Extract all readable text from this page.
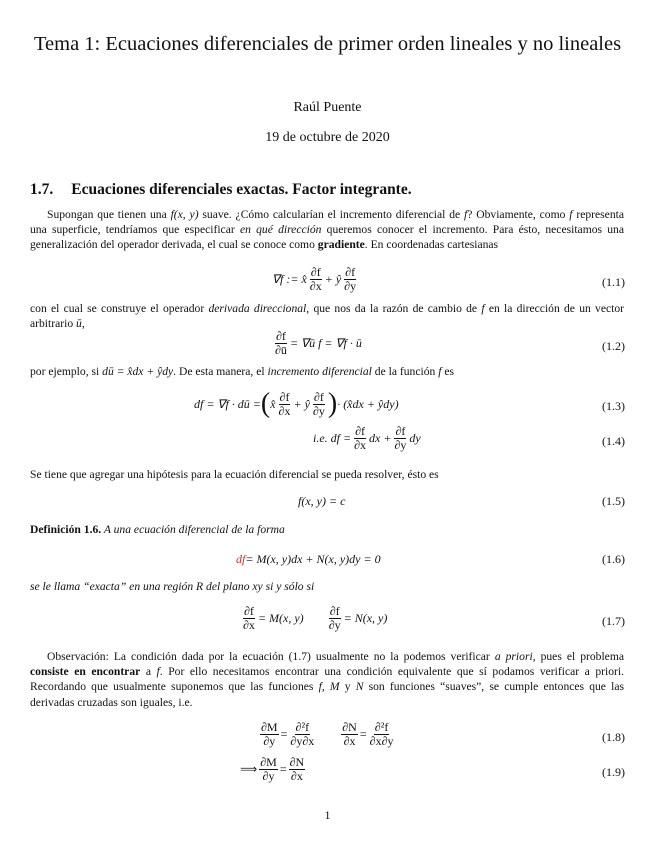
Tema 1: Ecuaciones diferenciales de primer orden lineales y no lineales
Raúl Puente
19 de octubre de 2020
1.7. Ecuaciones diferenciales exactas. Factor integrante.
Supongan que tienen una f(x, y) suave. ¿Cómo calcularían el incremento diferencial de f? Obviamente, como f representa una superficie, tendríamos que especificar en qué dirección queremos conocer el incremento. Para ésto, necesitamos una generalización del operador derivada, el cual se conoce como gradiente. En coordenadas cartesianas
∇f := x̂ $\frac{\partial f}{\partial x}$ + ŷ $\frac{\partial f}{\partial y}$	(1.1)
con el cual se construye el operador derivada direccional, que nos da la razón de cambio de f en la dirección de un vector arbitrario ū,
$\frac{\partial f}{\partial ū}$ = ∇ū f = ∇f · ū	(1.2)
por ejemplo, si dū = x̂dx + ŷdy. De esta manera, el incremento diferencial de la función f es
df = ∇f · dū = ( x̂ $\frac{\partial f}{\partial x}$ + ŷ $\frac{\partial f}{\partial y}$ ) · (x̂dx + ŷdy)	(1.3)
i.e. df = $\frac{\partial f}{\partial x}$ dx + $\frac{\partial f}{\partial y}$ dy	(1.4)
Se tiene que agregar una hipótesis para la ecuación diferencial se pueda resolver, ésto es
f(x, y) = c	(1.5)
Definición 1.6. A una ecuación diferencial de la forma
df = M(x, y)dx + N(x, y)dy = 0	(1.6)
se le llama “exacta” en una región R del plano xy si y sólo si
$\frac{\partial f}{\partial x} = M(x$, $y) \frac{\partial f}{\partial y} = N(x$, y)	(1.7)
Observación: La condición dada por la ecuación (1.7) usualmente no la podemos verificar a priori, pues el problema consiste en encontrar a f. Por ello necesitamos encontrar una condición equivalente que sí podamos verificar a priori. Recordando que usualmente suponemos que las funciones f, M y N son funciones “suaves”, se cumple entonces que las derivadas cruzadas son iguales, i.e.
$\frac{\partial M}{\partial y} = \frac{\text{∂²f}}{\partial y\partial x} \frac{\partial N}{\partial x} = \frac{\text{∂²f}}{\partial x\partial y}$	(1.8)
⟹ $\frac{\partial M}{\partial y} = \frac{\partial N}{\partial x}$	(1.9)
1
